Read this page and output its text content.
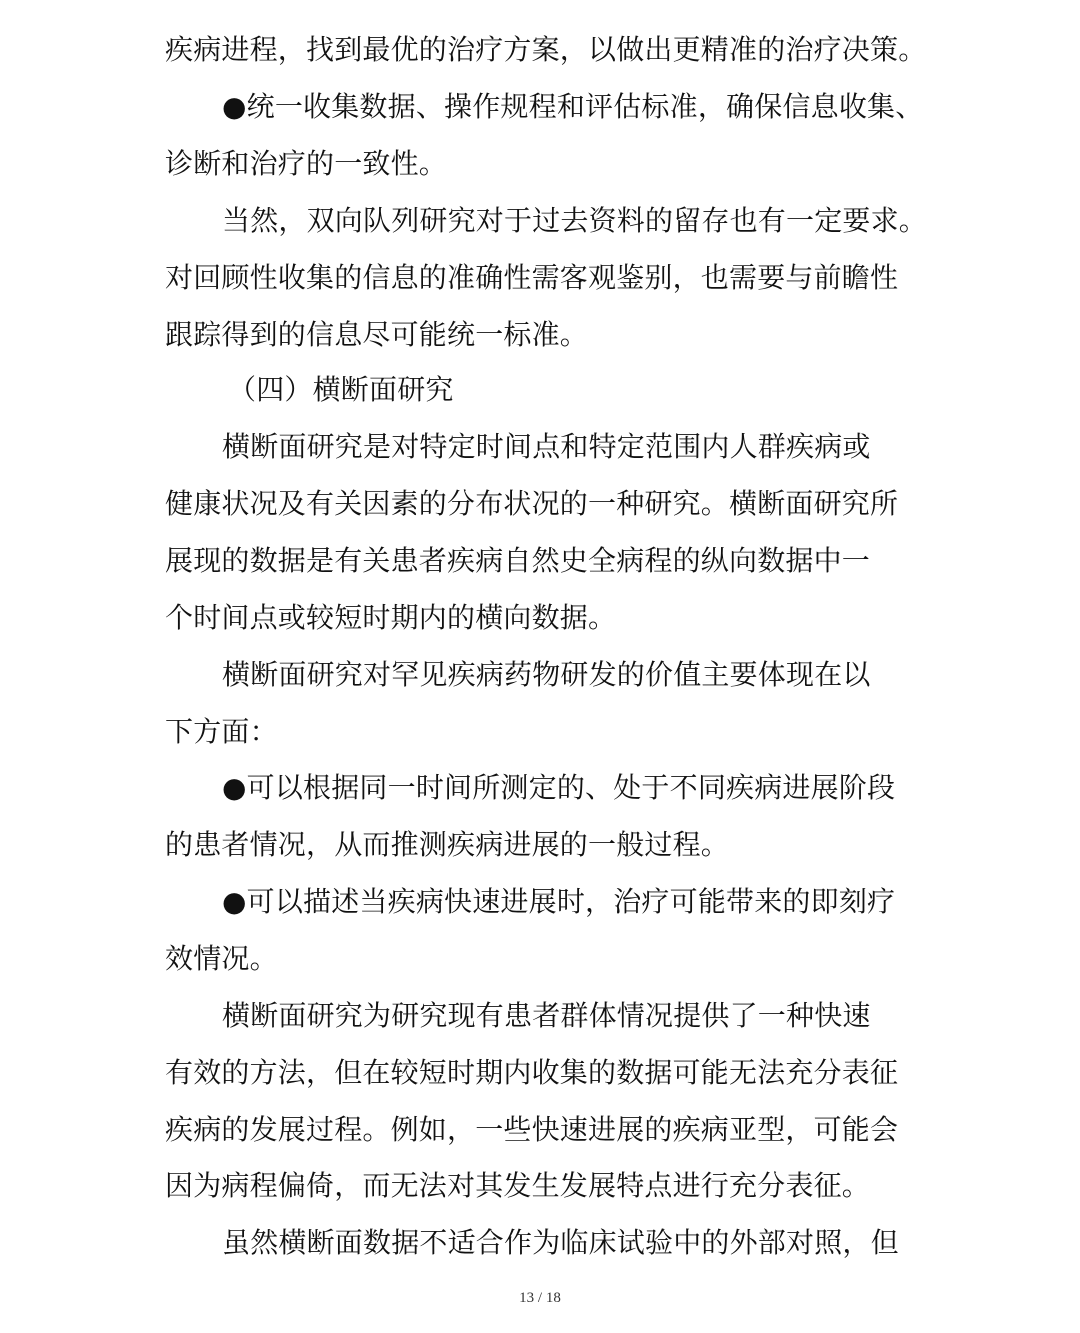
疾病进程，找到最优的治疗方案，以做出更精准的治疗决策。
●统一收集数据、操作规程和评估标准，确保信息收集、
诊断和治疗的一致性。
当然，双向队列研究对于过去资料的留存也有一定要求。
对回顾性收集的信息的准确性需客观鉴别，也需要与前瞻性
跟踪得到的信息尽可能统一标准。
（四）横断面研究
横断面研究是对特定时间点和特定范围内人群疾病或
健康状况及有关因素的分布状况的一种研究。横断面研究所
展现的数据是有关患者疾病自然史全病程的纵向数据中一
个时间点或较短时期内的横向数据。
横断面研究对罕见疾病药物研发的价值主要体现在以
下方面：
●可以根据同一时间所测定的、处于不同疾病进展阶段
的患者情况，从而推测疾病进展的一般过程。
●可以描述当疾病快速进展时，治疗可能带来的即刻疗
效情况。
横断面研究为研究现有患者群体情况提供了一种快速
有效的方法，但在较短时期内收集的数据可能无法充分表征
疾病的发展过程。例如，一些快速进展的疾病亚型，可能会
因为病程偏倚，而无法对其发生发展特点进行充分表征。
虽然横断面数据不适合作为临床试验中的外部对照，但
13 / 18
